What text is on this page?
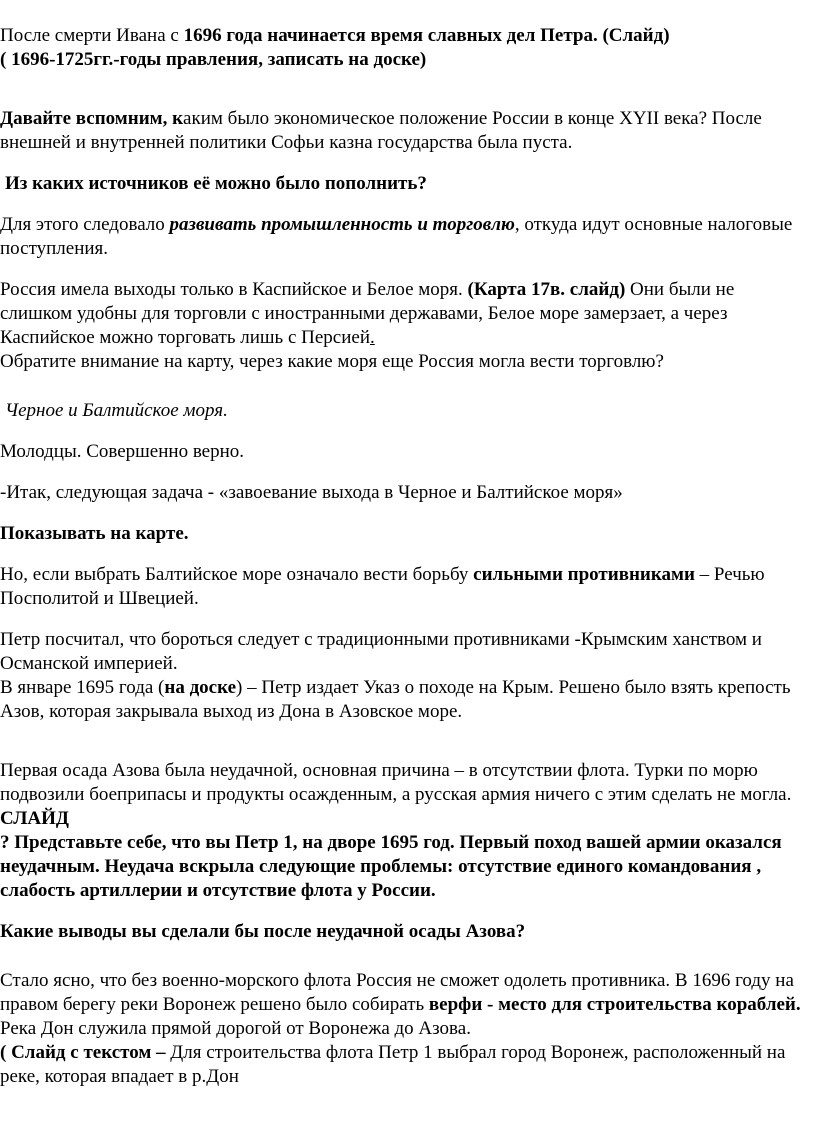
После смерти Ивана с 1696 года начинается время славных дел Петра. (Слайд)
( 1696-1725гг.-годы правления, записать на доске)
Давайте вспомним, каким было экономическое положение России в конце XYII века? После внешней и внутренней политики Софьи казна государства была пуста.
Из каких источников её можно было пополнить?
Для этого следовало развивать промышленность и торговлю, откуда идут основные налоговые поступления.
Россия имела выходы только в Каспийское и Белое моря. (Карта 17в. слайд) Они были не слишком удобны для торговли с иностранными державами, Белое море замерзает, а через Каспийское можно торговать лишь с Персией.
Обратите внимание на карту, через какие моря еще Россия могла вести торговлю?
Черное и Балтийское моря.
Молодцы. Совершенно верно.
-Итак, следующая задача - «завоевание выхода в Черное и Балтийское моря»
Показывать на карте.
Но, если выбрать Балтийское море означало вести борьбу сильными противниками – Речью Посполитой и Швецией.
Петр посчитал, что бороться следует с традиционными противниками -Крымским ханством и Османской империей.
В январе 1695 года (на доске) – Петр издает Указ о походе на Крым. Решено было взять крепость Азов, которая закрывала выход из Дона в Азовское море.
Первая осада Азова была неудачной, основная причина – в отсутствии флота. Турки по морю подвозили боеприпасы и продукты осажденным, а русская армия ничего с этим сделать не могла.
СЛАЙД
? Представьте себе, что вы Петр 1, на дворе 1695 год. Первый поход вашей армии оказался неудачным. Неудача вскрыла следующие проблемы: отсутствие единого командования , слабость артиллерии и отсутствие флота у России.
Какие выводы вы сделали бы после неудачной осады Азова?
Стало ясно, что без военно-морского флота Россия не сможет одолеть противника. В 1696 году на правом берегу реки Воронеж решено было собирать верфи - место для строительства кораблей. Река Дон служила прямой дорогой от Воронежа до Азова.
( Слайд с текстом – Для строительства флота Петр 1 выбрал город Воронеж, расположенный на реке, которая впадает в р.Дон
